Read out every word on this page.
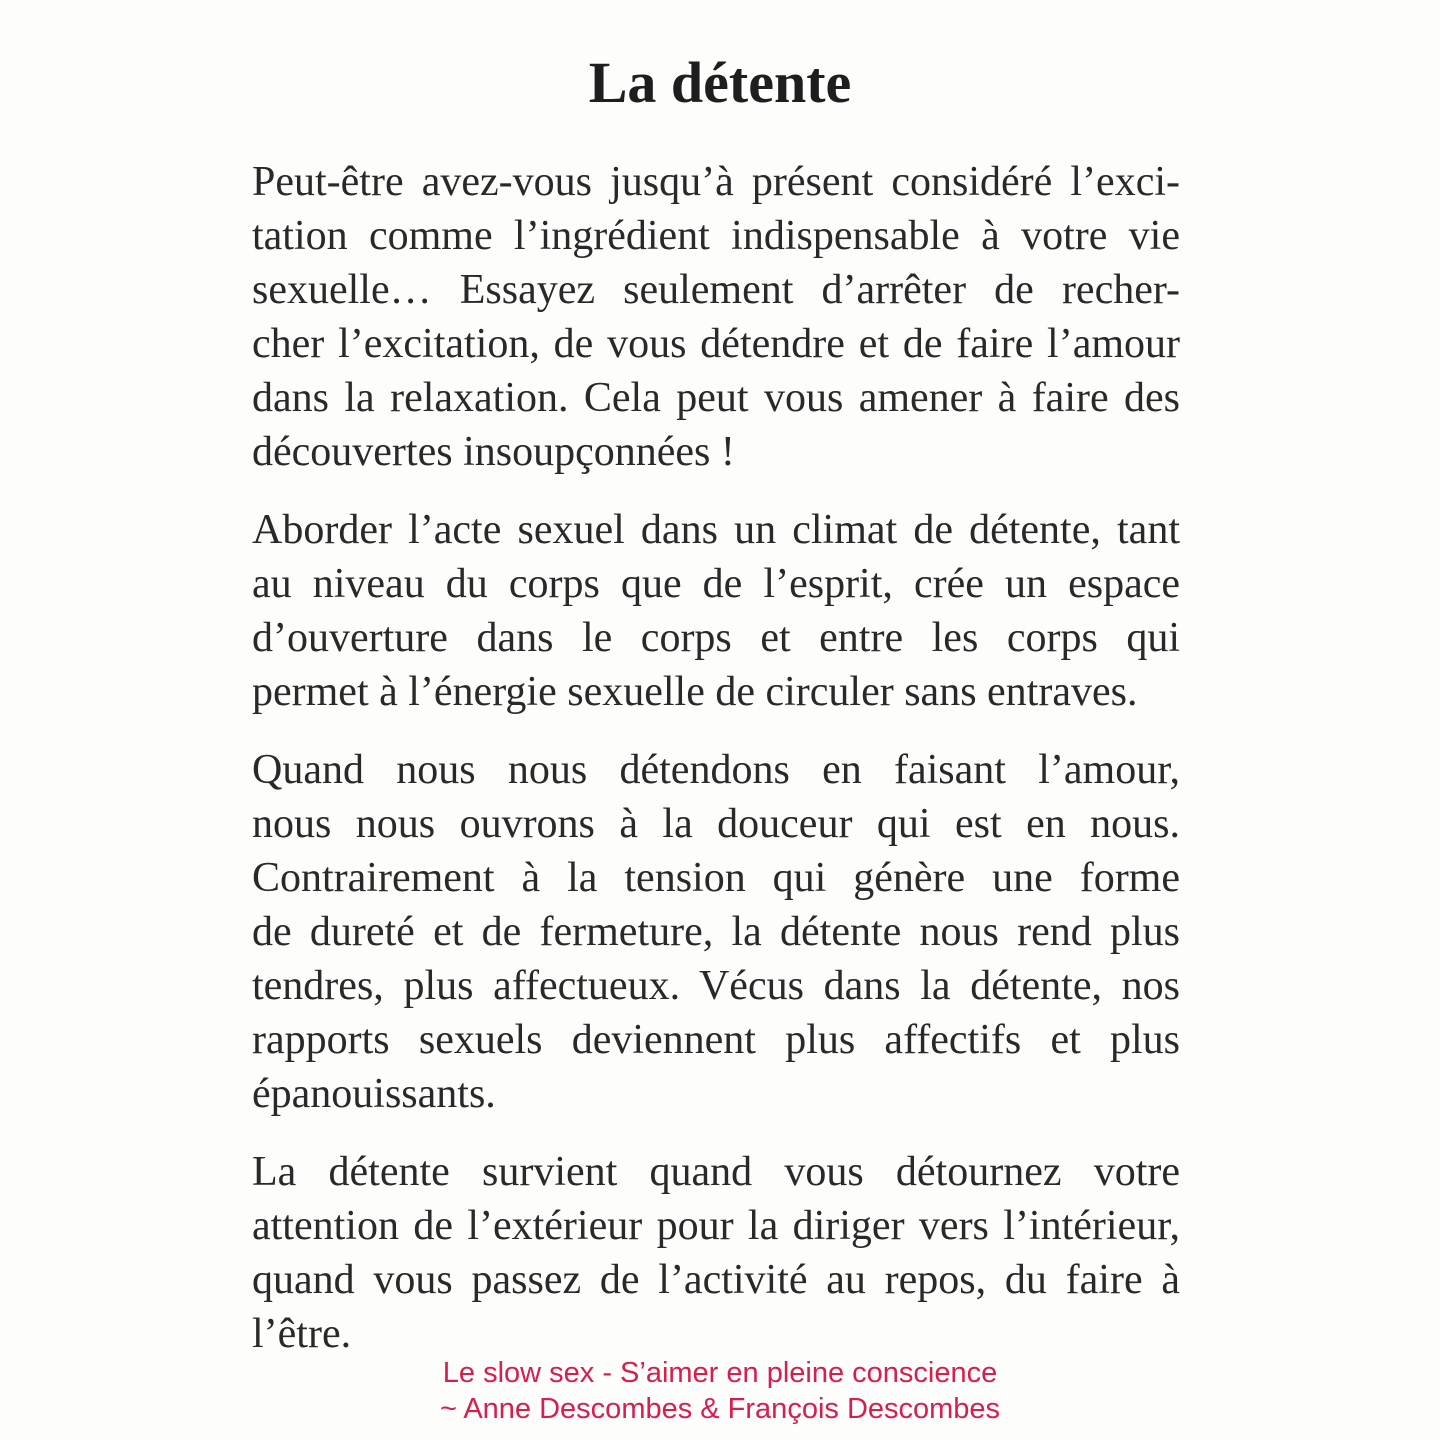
La détente

Peut-être avez-vous jusqu’à présent considéré l’exci-

tation comme l’ingrédient indispensable à votre vie

sexuelle… Essayez seulement d’arrêter de recher-

cher l’excitation, de vous détendre et de faire l’amour

dans la relaxation. Cela peut vous amener à faire des

découvertes insoupçonnées !

Aborder l’acte sexuel dans un climat de détente, tant

au niveau du corps que de l’esprit, crée un espace

d’ouverture dans le corps et entre les corps qui

permet à l’énergie sexuelle de circuler sans entraves.

Quand nous nous détendons en faisant l’amour,

nous nous ouvrons à la douceur qui est en nous.

Contrairement à la tension qui génère une forme

de dureté et de fermeture, la détente nous rend plus

tendres, plus affectueux. Vécus dans la détente, nos

rapports sexuels deviennent plus affectifs et plus

épanouissants.

La détente survient quand vous détournez votre

attention de l’extérieur pour la diriger vers l’intérieur,

quand vous passez de l’activité au repos, du faire à

l’être.

Le slow sex - S’aimer en pleine conscience

~ Anne Descombes & François Descombes
